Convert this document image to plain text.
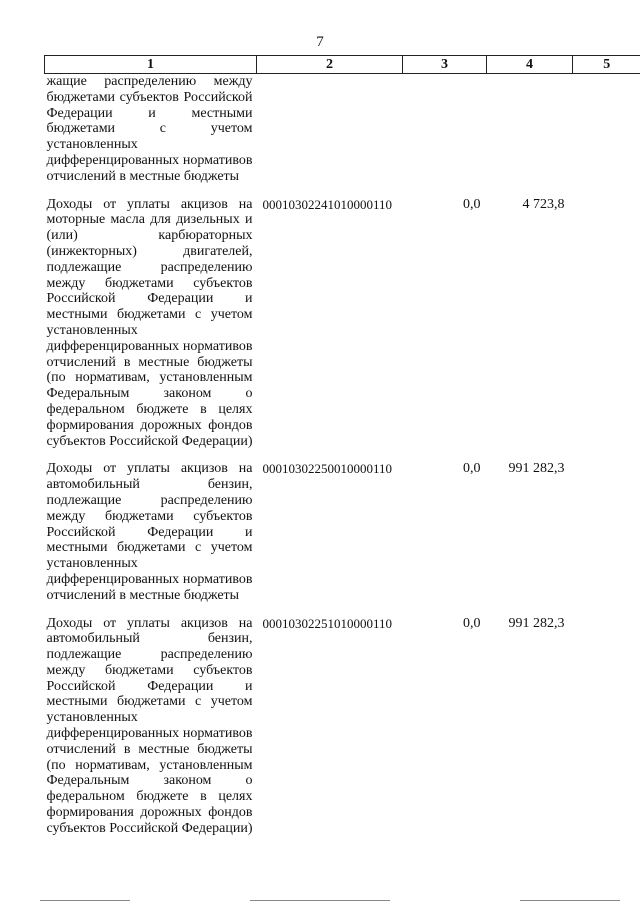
7
1	2	3	4	5
жащие распределению между бюджетами субъектов Российской Федерации и местными бюджетами с учетом установленных дифференцированных нормативов отчислений в местные бюджеты				

Доходы от уплаты акцизов на моторные масла для дизельных и (или) карбюраторных (инжекторных) двигателей, подлежащие распределению между бюджетами субъектов Российской Федерации и местными бюджетами с учетом установленных дифференцированных нормативов отчислений в местные бюджеты (по нормативам, установленным Федеральным законом о федеральном бюджете в целях формирования дорожных фондов субъектов Российской Федерации)	00010302241010000110	0,0	4 723,8	

Доходы от уплаты акцизов на автомобильный бензин, подлежащие распределению между бюджетами субъектов Российской Федерации и местными бюджетами с учетом установленных дифференцированных нормативов отчислений в местные бюджеты	00010302250010000110	0,0	991 282,3	

Доходы от уплаты акцизов на автомобильный бензин, подлежащие распределению между бюджетами субъектов Российской Федерации и местными бюджетами с учетом установленных дифференцированных нормативов отчислений в местные бюджеты (по нормативам, установленным Федеральным законом о федеральном бюджете в целях формирования дорожных фондов субъектов Российской Федерации)	00010302251010000110	0,0	991 282,3	
